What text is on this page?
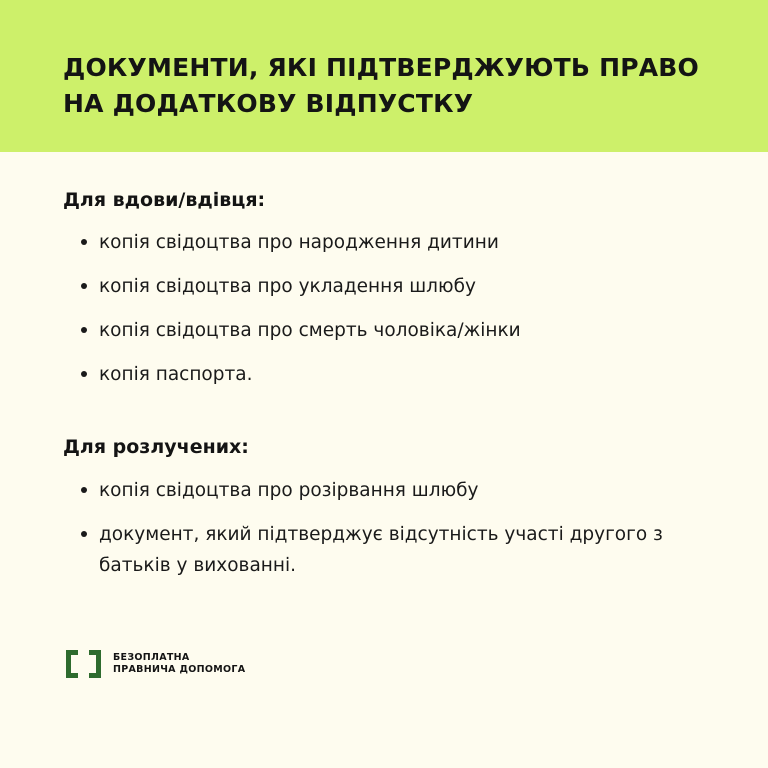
ДОКУМЕНТИ, ЯКІ ПІДТВЕРДЖУЮТЬ ПРАВО
НА ДОДАТКОВУ ВІДПУСТКУ
Для вдови/вдівця:
копія свідоцтва про народження дитини
копія свідоцтва про укладення шлюбу
копія свідоцтва про смерть чоловіка/жінки
копія паспорта.
Для розлучених:
копія свідоцтва про розірвання шлюбу
документ, який підтверджує відсутність участі другого з батьків у вихованні.
БЕЗОПЛАТНА
ПРАВНИЧА ДОПОМОГА
